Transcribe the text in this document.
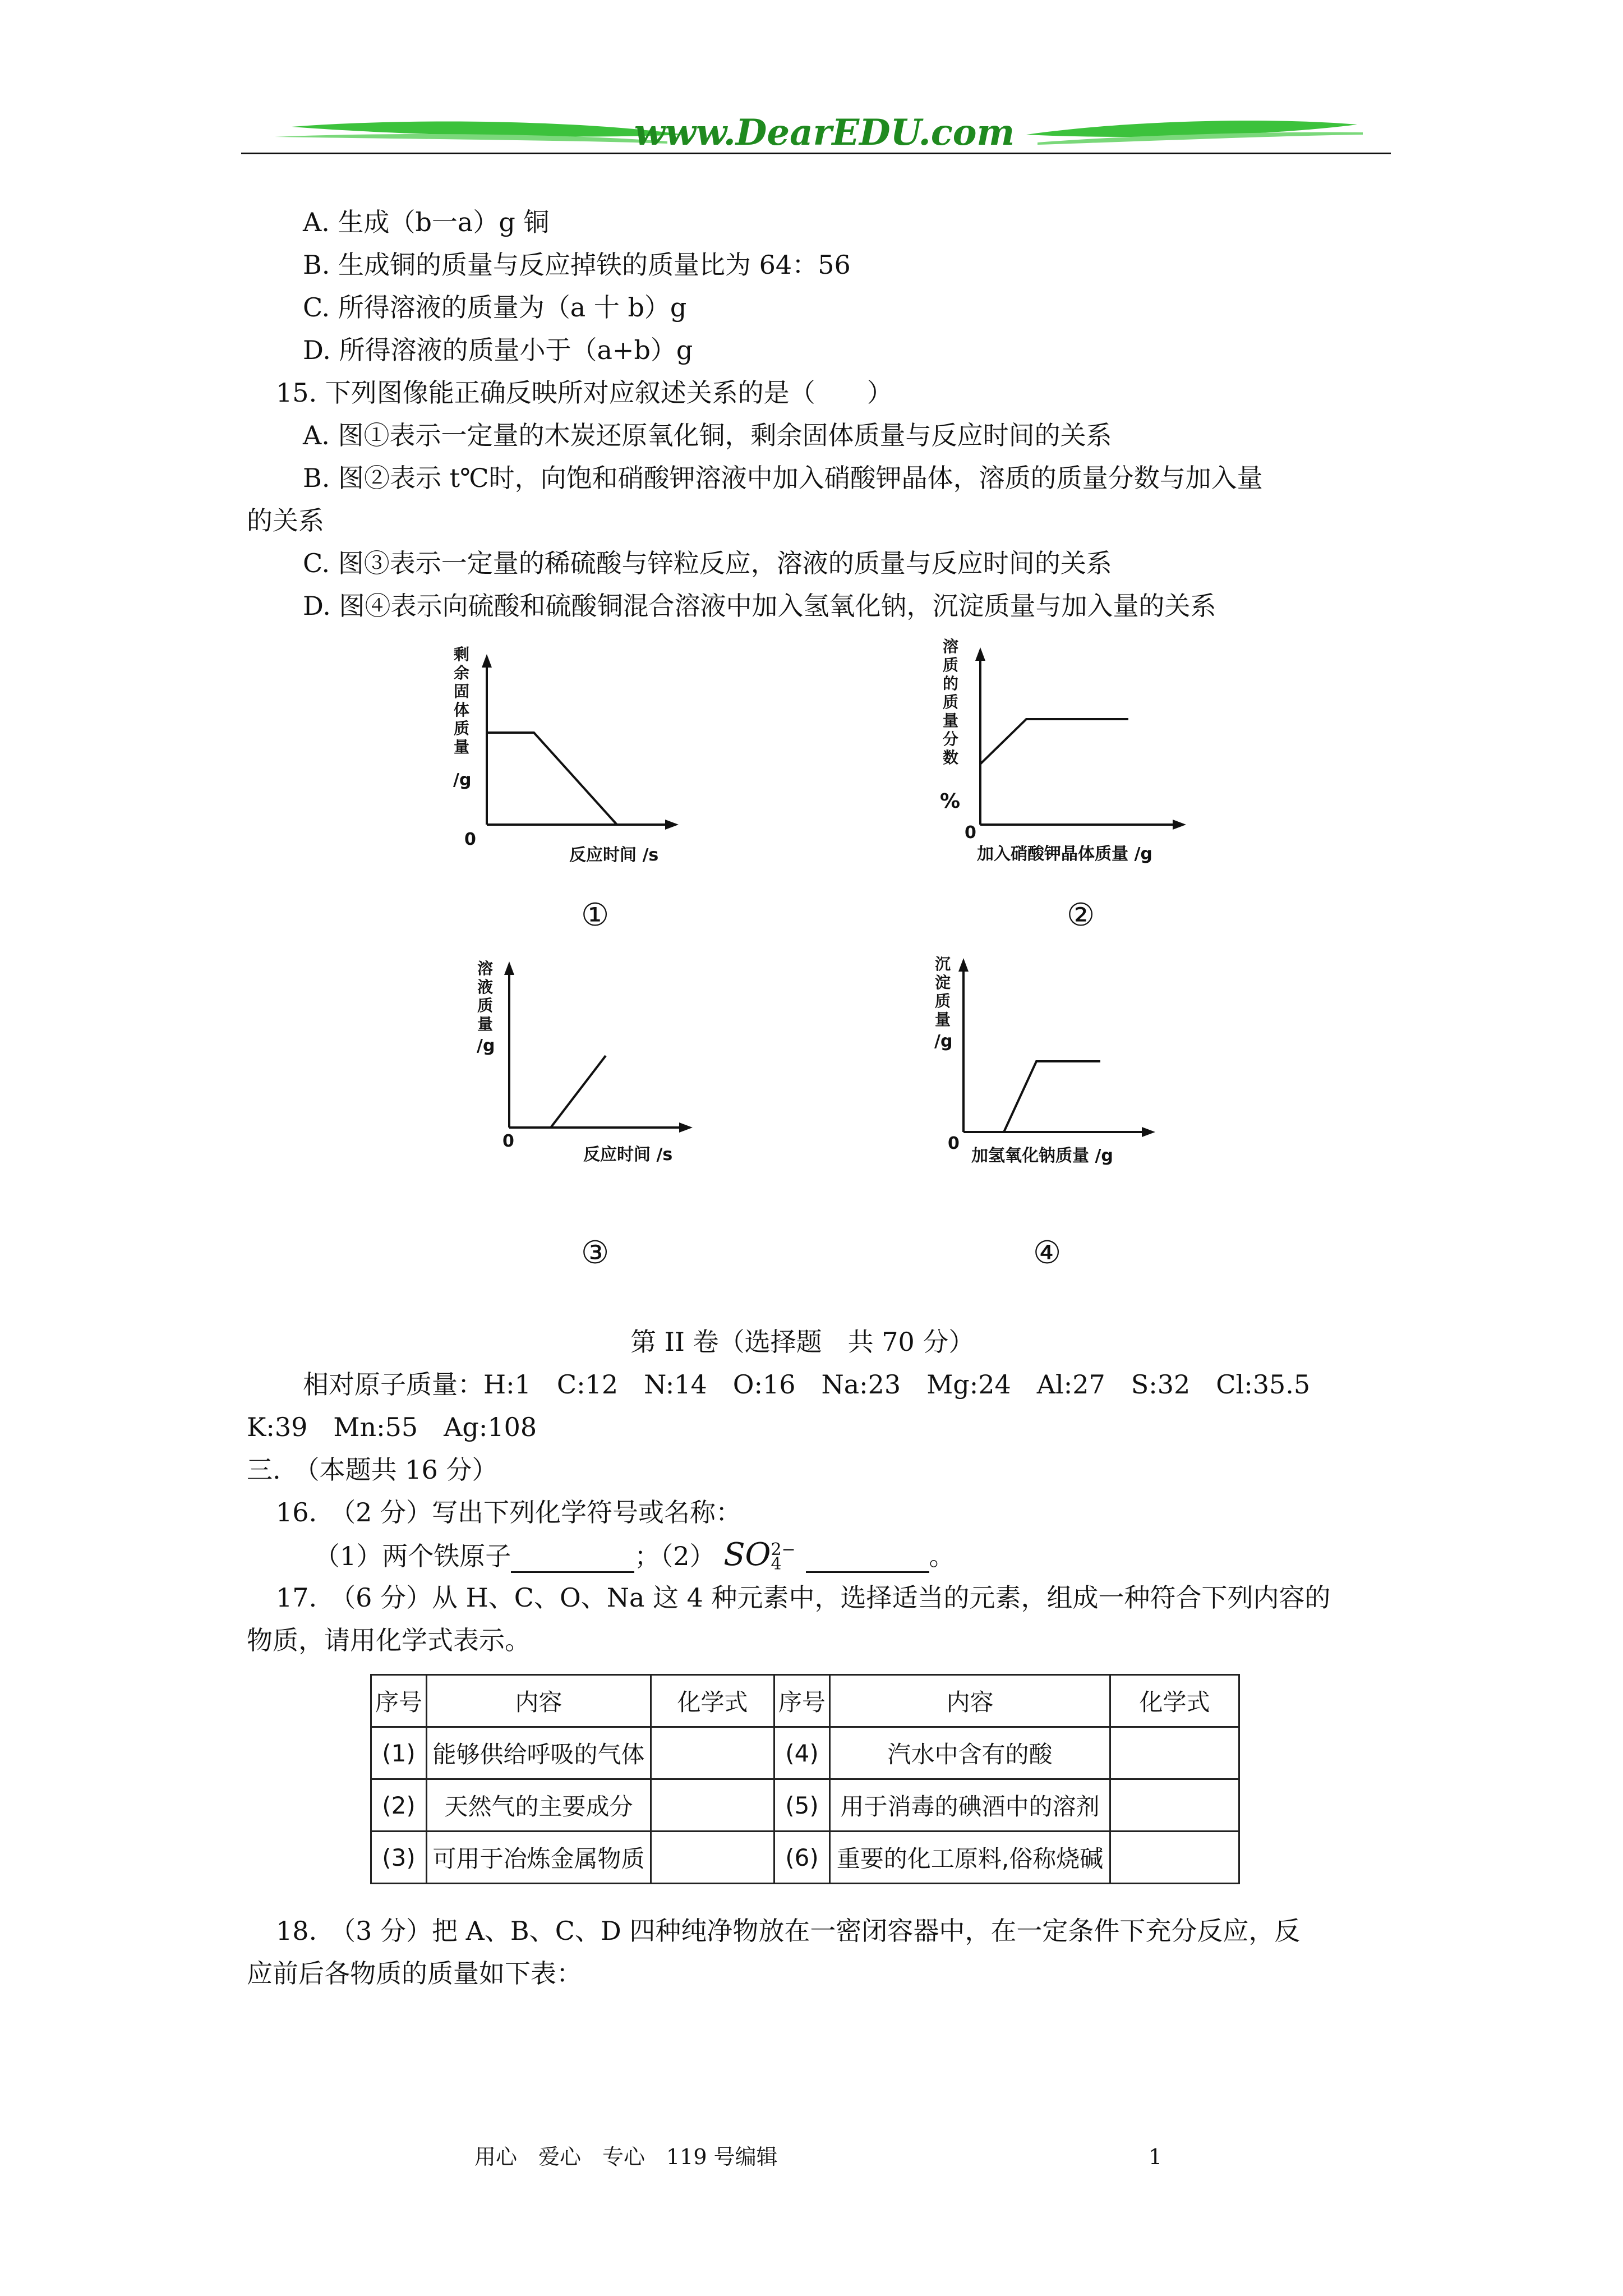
www.DearEDU.com
A. 生成（b一a）g 铜
B. 生成铜的质量与反应掉铁的质量比为 64：56
C. 所得溶液的质量为（a 十 b）g
D. 所得溶液的质量小于（a+b）g
15. 下列图像能正确反映所对应叙述关系的是（　　）
A. 图①表示一定量的木炭还原氧化铜，剩余固体质量与反应时间的关系
B. 图②表示 t℃时，向饱和硝酸钾溶液中加入硝酸钾晶体，溶质的质量分数与加入量
的关系
C. 图③表示一定量的稀硫酸与锌粒反应，溶液的质量与反应时间的关系
D. 图④表示向硫酸和硫酸铜混合溶液中加入氢氧化钠，沉淀质量与加入量的关系
剩余固体质量
/g
0
反应时间 /s
①
溶质的质量分数
%
0
加入硝酸钾晶体质量 /g
②
溶液质量
/g
0
反应时间 /s
③
沉淀质量
/g
0
加氢氧化钠质量 /g
④
第 II 卷（选择题　共 70 分）
相对原子质量：H:1　C:12　N:14　O:16　Na:23　Mg:24　Al:27　S:32　Cl:35.5
K:39　Mn:55　Ag:108
三.　（本题共 16 分）
16.　（2 分）写出下列化学符号或名称：
（1）两个铁原子	；（2） SO 2−
4	。
17.　（6 分）从 H、C、O、Na 这 4 种元素中，选择适当的元素，组成一种符合下列内容的
物质，请用化学式表示。
序号	内容	化学式	序号	内容	化学式
(1)	能够供给呼吸的气体		(4)	汽水中含有的酸	
(2)	天然气的主要成分		(5)	用于消毒的碘酒中的溶剂	
(3)	可用于冶炼金属物质		(6)	重要的化工原料,俗称烧碱	
18.　（3 分）把 A、B、C、D 四种纯净物放在一密闭容器中，在一定条件下充分反应，反
应前后各物质的质量如下表：
用心　爱心　专心　119 号编辑	1
